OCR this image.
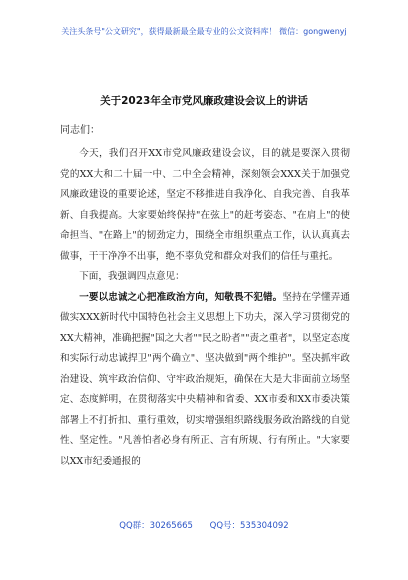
关注头条号"公文研究"，获得最新最全最专业的公文资料库！ 微信：gongwenyj
关于2023年全市党风廉政建设会议上的讲话
同志们：

今天，我们召开XX市党风廉政建设会议，目的就是要深入贯彻党的XX大和二十届一中、二中全会精神，深刻领会XXX关于加强党风廉政建设的重要论述，坚定不移推进自我净化、自我完善、自我革新、自我提高。大家要始终保持"在弦上"的赶考姿态、"在肩上"的使命担当、"在路上"的韧劲定力，围绕全市组织重点工作，认认真真去做事，干干净净不出事，绝不辜负党和群众对我们的信任与重托。

下面，我强调四点意见：

一要以忠诚之心把准政治方向，知敬畏不犯错。坚持在学懂弄通做实XXX新时代中国特色社会主义思想上下功夫，深入学习贯彻党的XX大精神，准确把握"国之大者""民之盼者""责之重者"，以坚定态度和实际行动忠诚捍卫"两个确立"、坚决做到"两个维护"。坚决抓牢政治建设、筑牢政治信仰、守牢政治规矩，确保在大是大非面前立场坚定、态度鲜明，在贯彻落实中央精神和省委、XX市委和XX市委决策部署上不打折扣、重行重效，切实增强组织路线服务政治路线的自觉性、坚定性。"凡善怕者必身有所正、言有所规、行有所止。"大家要以XX市纪委通报的

QQ群：30265665 QQ号：535304092
